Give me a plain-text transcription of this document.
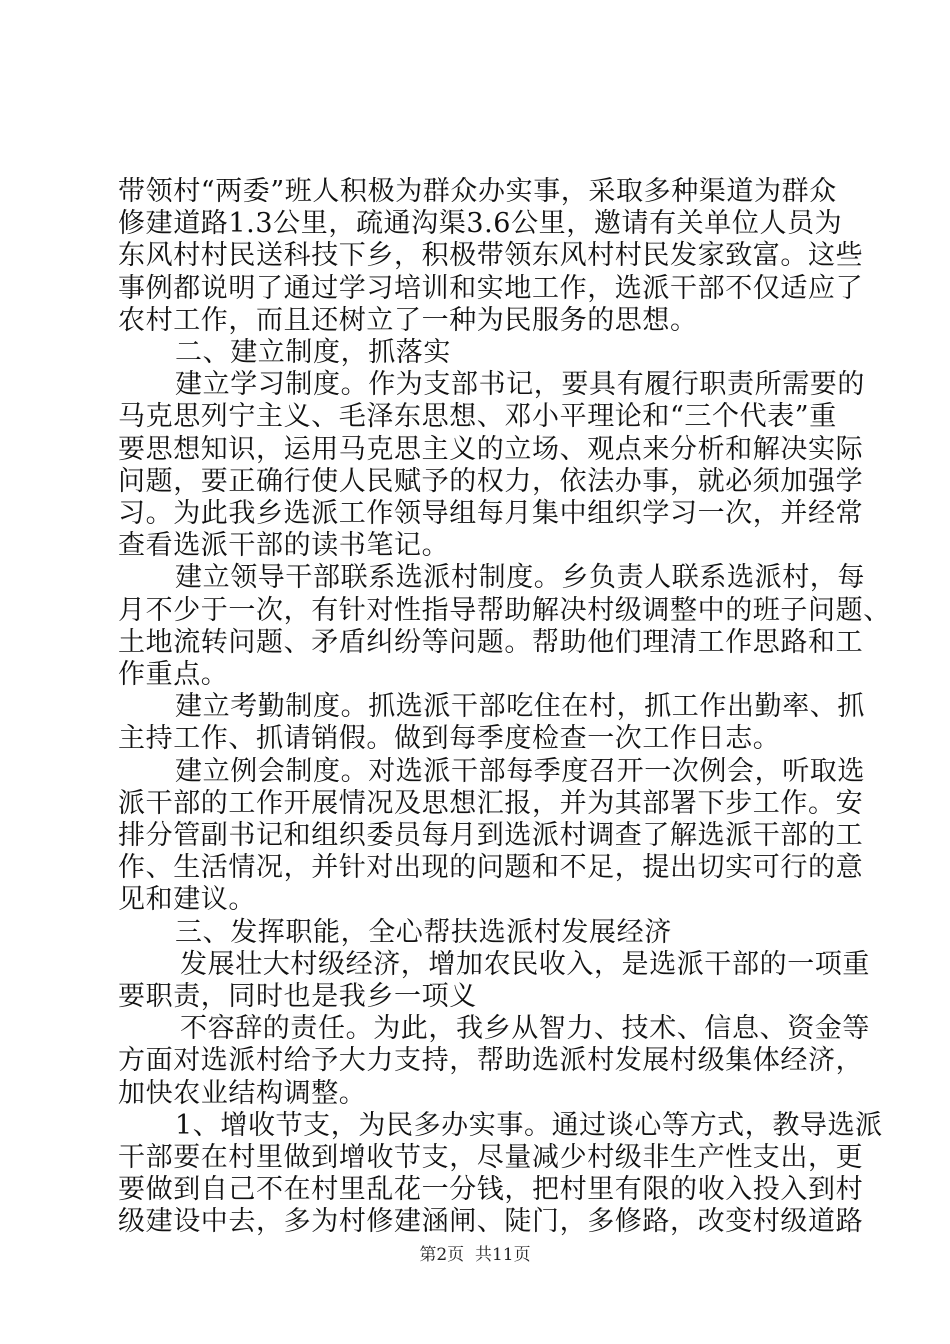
带领村“两委”班人积极为群众办实事，采取多种渠道为群众
修建道路1.3公里，疏通沟渠3.6公里，邀请有关单位人员为
东风村村民送科技下乡，积极带领东风村村民发家致富。这些
事例都说明了通过学习培训和实地工作，选派干部不仅适应了
农村工作，而且还树立了一种为民服务的思想。
二、建立制度，抓落实
建立学习制度。作为支部书记，要具有履行职责所需要的
马克思列宁主义、毛泽东思想、邓小平理论和“三个代表”重
要思想知识，运用马克思主义的立场、观点来分析和解决实际
问题，要正确行使人民赋予的权力，依法办事，就必须加强学
习。为此我乡选派工作领导组每月集中组织学习一次，并经常
查看选派干部的读书笔记。
建立领导干部联系选派村制度。乡负责人联系选派村，每
月不少于一次，有针对性指导帮助解决村级调整中的班子问题、
土地流转问题、矛盾纠纷等问题。帮助他们理清工作思路和工
作重点。
建立考勤制度。抓选派干部吃住在村，抓工作出勤率、抓
主持工作、抓请销假。做到每季度检查一次工作日志。
建立例会制度。对选派干部每季度召开一次例会，听取选
派干部的工作开展情况及思想汇报，并为其部署下步工作。安
排分管副书记和组织委员每月到选派村调查了解选派干部的工
作、生活情况，并针对出现的问题和不足，提出切实可行的意
见和建议。
三、发挥职能，全心帮扶选派村发展经济
发展壮大村级经济，增加农民收入，是选派干部的一项重
要职责，同时也是我乡一项义
不容辞的责任。为此，我乡从智力、技术、信息、资金等
方面对选派村给予大力支持，帮助选派村发展村级集体经济，
加快农业结构调整。
1、增收节支，为民多办实事。通过谈心等方式，教导选派
干部要在村里做到增收节支，尽量减少村级非生产性支出，更
要做到自己不在村里乱花一分钱，把村里有限的收入投入到村
级建设中去，多为村修建涵闸、陡门，多修路，改变村级道路
第2页  共11页
